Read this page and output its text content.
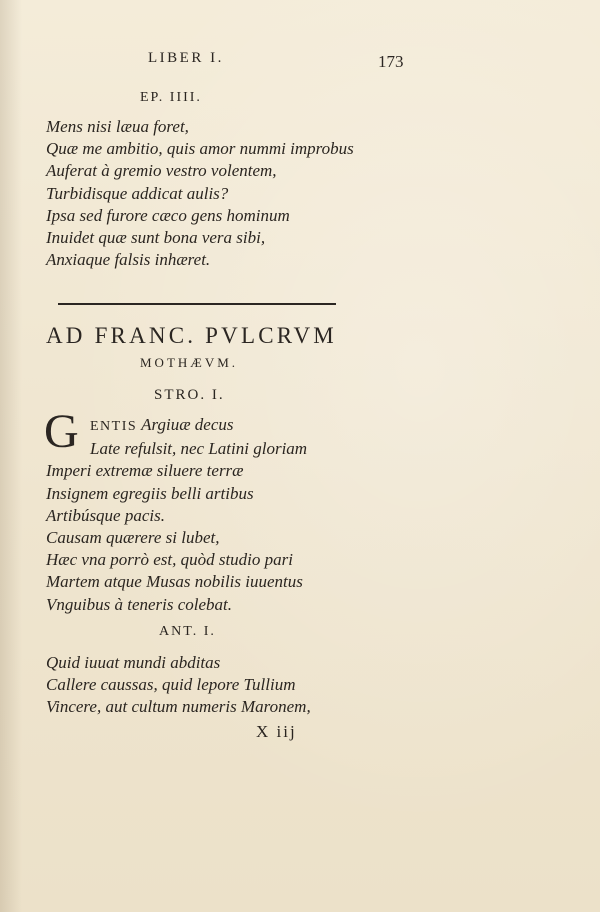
LIBER I.	173
EP. IIII.
Mens nisi læua foret,
Quæ me ambitio, quis amor nummi improbus
Auferat à gremio vestro volentem,
Turbidisque addicat aulis?
Ipsa sed furore cæco gens hominum
Inuidet quæ sunt bona vera sibi,
Anxiaque falsis inhæret.
AD FRANC. PVLCRVM
MOTHÆVM.
STRO. I.
G ENTIS Argiuæ decus
Late refulsit, nec Latini gloriam
Imperi extremæ siluere terræ
Insignem egregiis belli artibus
Artibúsque pacis.
Causam quærere si lubet,
Hæc vna porrò est, quòd studio pari
Martem atque Musas nobilis iuuentus
Vnguibus à teneris colebat.
ANT. I.
Quid iuuat mundi abditas
Callere caussas, quid lepore Tullium
Vincere, aut cultum numeris Maronem,
X iij
